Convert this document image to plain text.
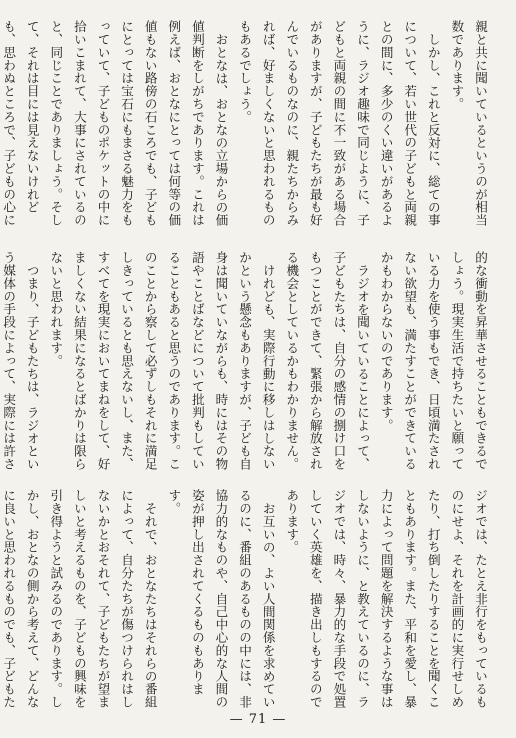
親と共に聞いているというのが相当数であります。

しかし、これと反対に、総ての事について、若い世代の子どもと両親との間に、多少のくい違いがあるように、ラジオ趣味で同じように、子どもと両親の間に不一致がある場合がありますが、子どもたちが最も好んでいるものなのに、親たちからみれば、好ましくないと思われるものもあるでしょう。

おとなは、おとなの立場からの価値判断をしがちであります。これは例えば、おとなにとっては何等の価値もない路傍の石ころでも、子どもにとっては宝石にもまさる魅力をもっていて、子どものポケットの中に拾いこまれて、大事にされているのと、同じことでありましょう。そして、それは目には見えないけれども、思わぬところで、子どもの心に

的な衝動を昇華させることもできるでしょう。現実生活で持ちたいと願っている力を使う事もでき、日頃満たされない欲望も、満たすことができているかもわからないのであります。

ラジオを聞いていることによって、子どもたちは、自分の感情の捌け口をもつことができて、緊張から解放される機会としているかもわかりません。

けれども、実際行動に移しはしないかという懸念もありますが、子ども自身は聞いていながらも、時にはその物語やことばなどについて批判もしていることもあると思うのであります。このことから察して必ずしもそれに満足しきっているとも思えないし、また、すべてを現実においてまねをして、好ましくない結果になるとばかりは限らないと思われます。

つまり、子どもたちは、ラジオという媒体の手段によって、実際には許さ

ジオでは、たとえ非行をもっているものにせよ、それを計画的に実行せしめたり、打ち倒したりすることを聞くこともあります。また、平和を愛し、暴力によって問題を解決するような事はしないように、と教えているのに、ラジオでは、時々、暴力的な手段で処置していく英雄を、描き出しもするのであります。

お互いの、よい人間関係を求めているのに、番組のあるものの中には、非協力的なものや、自己中心的な人間の姿が押し出されてくるものもあります。

それで、おとなたちはそれらの番組によって、自分たちが傷つけられはしないかとおそれて、子どもたちが望ましいと考えるものを、子どもの興味を引き得ようと試みるのであります。しかし、おとなの側から考えて、どんなに良いと思われるものでも、子どもた

— 71 —
